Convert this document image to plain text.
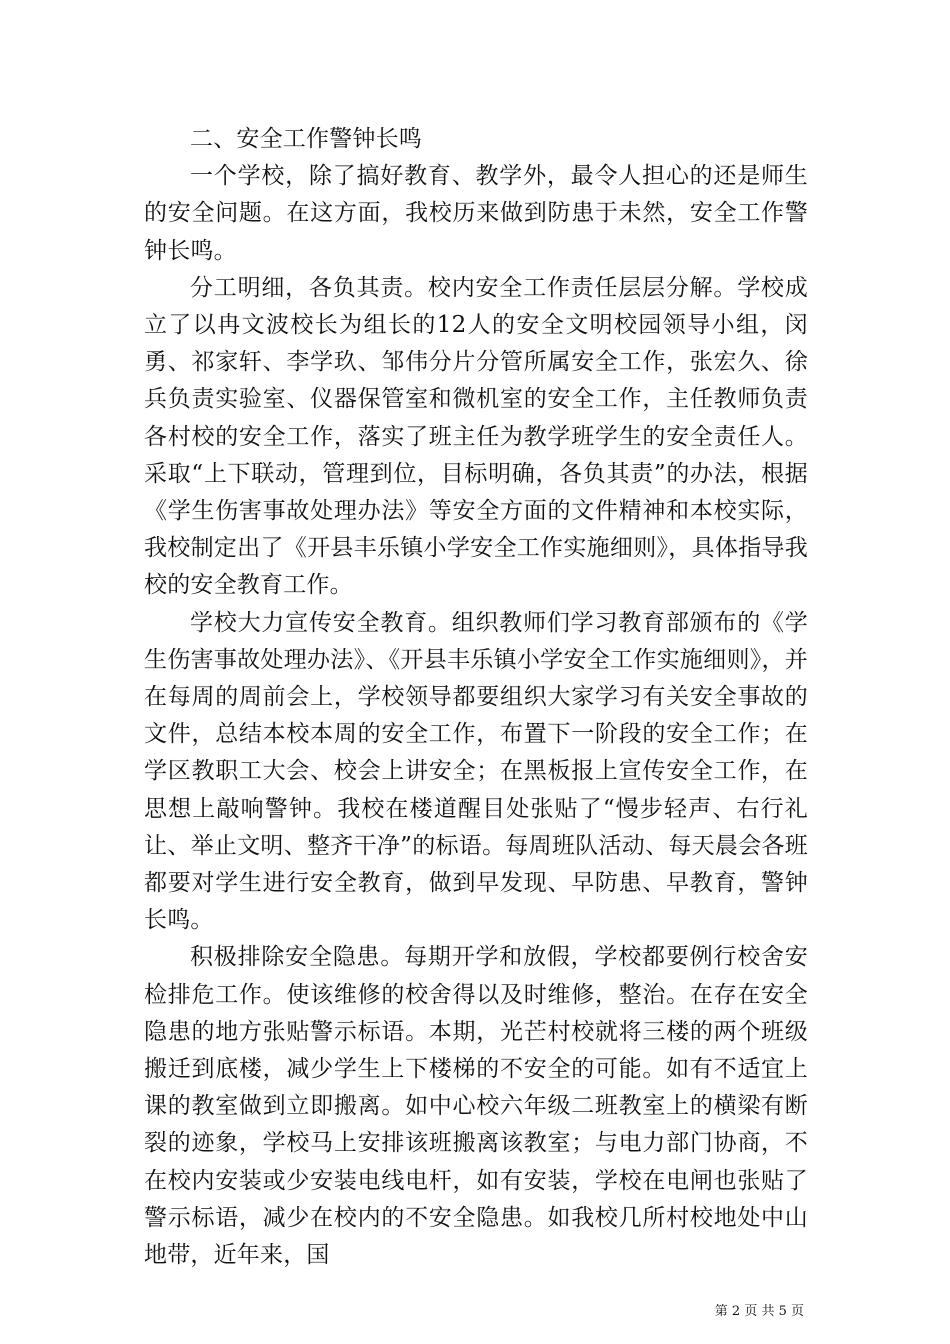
二、安全工作警钟长鸣

一个学校，除了搞好教育、教学外，最令人担心的还是师生的安全问题。在这方面，我校历来做到防患于未然，安全工作警钟长鸣。

分工明细，各负其责。校内安全工作责任层层分解。学校成立了以冉文波校长为组长的12人的安全文明校园领导小组，闵勇、祁家轩、李学玖、邹伟分片分管所属安全工作，张宏久、徐兵负责实验室、仪器保管室和微机室的安全工作，主任教师负责各村校的安全工作，落实了班主任为教学班学生的安全责任人。采取“上下联动，管理到位，目标明确，各负其责”的办法，根据《学生伤害事故处理办法》等安全方面的文件精神和本校实际，我校制定出了《开县丰乐镇小学安全工作实施细则》，具体指导我校的安全教育工作。

学校大力宣传安全教育。组织教师们学习教育部颁布的《学生伤害事故处理办法》、《开县丰乐镇小学安全工作实施细则》，并在每周的周前会上，学校领导都要组织大家学习有关安全事故的文件，总结本校本周的安全工作，布置下一阶段的安全工作；在学区教职工大会、校会上讲安全；在黑板报上宣传安全工作，在思想上敲响警钟。我校在楼道醒目处张贴了“慢步轻声、右行礼让、举止文明、整齐干净”的标语。每周班队活动、每天晨会各班都要对学生进行安全教育，做到早发现、早防患、早教育，警钟长鸣。

积极排除安全隐患。每期开学和放假，学校都要例行校舍安检排危工作。使该维修的校舍得以及时维修，整治。在存在安全隐患的地方张贴警示标语。本期，光芒村校就将三楼的两个班级搬迁到底楼，减少学生上下楼梯的不安全的可能。如有不适宜上课的教室做到立即搬离。如中心校六年级二班教室上的横梁有断裂的迹象，学校马上安排该班搬离该教室；与电力部门协商，不在校内安装或少安装电线电杆，如有安装，学校在电闸也张贴了警示标语，减少在校内的不安全隐患。如我校几所村校地处中山地带，近年来，国

第 2 页 共 5 页
